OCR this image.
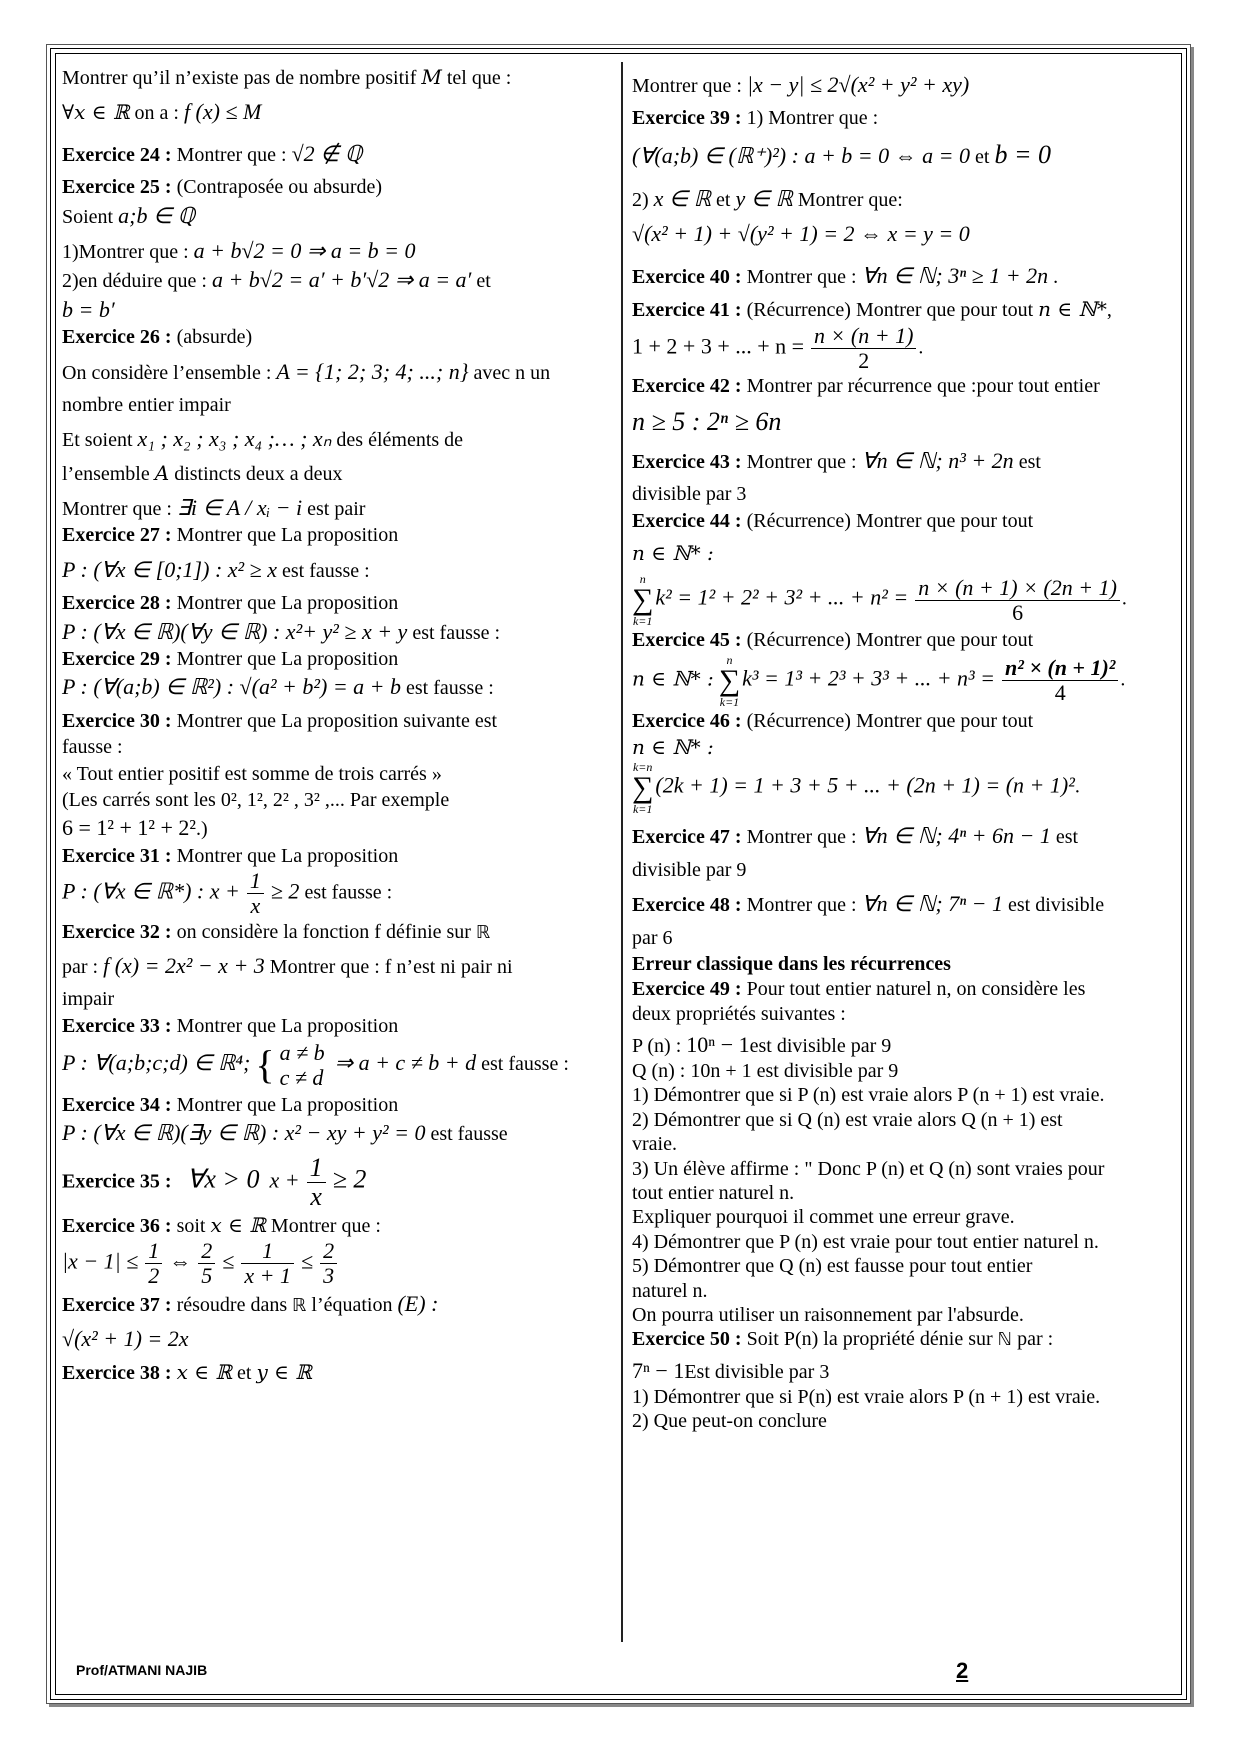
Montrer qu’il n’existe pas de nombre positif M tel que :

∀x ∈ ℝ on a : f (x) ≤ M

Exercice 24 : Montrer que : √2 ∉ ℚ

Exercice 25 : (Contraposée ou absurde)

Soient a;b ∈ ℚ

1)Montrer que : a + b√2 = 0 ⇒ a = b = 0

2)en déduire que : a + b√2 = a′ + b′√2 ⇒ a = a′ et

b = b′

Exercice 26 : (absurde)

On considère l’ensemble : A = {1; 2; 3; 4; ...; n} avec n un

nombre entier impair

Et soient x₁ ; x₂ ; x₃ ; x₄ ;… ; xₙ des éléments de

l’ensemble A distincts deux a deux

Montrer que : ∃i ∈ A / xᵢ − i est pair

Exercice 27 : Montrer que La proposition

P : (∀x ∈ [0;1]) : x² ≥ x est fausse :

Exercice 28 : Montrer que La proposition

P : (∀x ∈ ℝ)(∀y ∈ ℝ) : x²+ y² ≥ x + y est fausse :

Exercice 29 : Montrer que La proposition

P : (∀(a;b) ∈ ℝ²) : √(a² + b²) = a + b est fausse :

Exercice 30 : Montrer que La proposition suivante est

fausse :

« Tout entier positif est somme de trois carrés »

(Les carrés sont les 0², 1², 2² , 3² ,... Par exemple

6 = 1² + 1² + 2².)

Exercice 31 : Montrer que La proposition

P : (∀x ∈ ℝ*) : $x + \frac{1}{x} \ge 2$ est fausse :

Exercice 32 : on considère la fonction f définie sur ℝ

par : f (x) = 2x² − x + 3 Montrer que : f n’est ni pair ni

impair

Exercice 33 : Montrer que La proposition

P : ∀(a;b;c;d) ∈ ℝ⁴; { a ≠ b
c ≠ d
⇒ a + c ≠ b + d est fausse :

Exercice 34 : Montrer que La proposition

P : (∀x ∈ ℝ)(∃y ∈ ℝ) : x² − xy + y² = 0 est fausse

Exercice 35 : ∀x > 0 $x + \frac{1}{x} \ge 2$

Exercice 36 : soit x ∈ ℝ Montrer que :

$|x - 1| \le \frac{1}{2}$ ⇔ $\frac{2}{5} \le \frac{1}{x + 1} \le \frac{2}{3}$

Exercice 37 : résoudre dans ℝ l’équation (E) :

√(x² + 1) = 2x

Exercice 38 : x ∈ ℝ et y ∈ ℝ

Montrer que : |x − y| ≤ 2√(x² + y² + xy)

Exercice 39 : 1) Montrer que :

(∀(a;b) ∈ (ℝ⁺)²) : a + b = 0 ⇔ a = 0 et b = 0

2) x ∈ ℝ et y ∈ ℝ Montrer que:

√(x² + 1) + √(y² + 1) = 2 ⇔ x = y = 0

Exercice 40 : Montrer que : ∀n ∈ ℕ; 3ⁿ ≥ 1 + 2n .

Exercice 41 : (Récurrence) Montrer que pour tout n ∈ ℕ*,

1 + 2 + 3 + ... + $n = \frac{n \times (n + 1)}{2}$ .

Exercice 42 : Montrer par récurrence que :pour tout entier

n ≥ 5 : 2ⁿ ≥ 6n

Exercice 43 : Montrer que : ∀n ∈ ℕ; n³ + 2n est

divisible par 3

Exercice 44 : (Récurrence) Montrer que pour tout

n ∈ ℕ* :

n
∑
k=1
k² = 1² + 2² + 3² + ... + $n^2 = \frac{n \times (n + 1) \times (2n + 1)}{6}$ .

Exercice 45 : (Récurrence) Montrer que pour tout

n ∈ ℕ* :
n
∑
k=1
k³ = 1³ + 2³ + 3³ + ... + $n^3 = \frac{\text{n² × (n + 1)²}}{4}$ .

Exercice 46 : (Récurrence) Montrer que pour tout

n ∈ ℕ* :

k=n
∑
k=1
(2k + 1) = 1 + 3 + 5 + ... + (2n + 1) = (n + 1)².

Exercice 47 : Montrer que : ∀n ∈ ℕ; 4ⁿ + 6n − 1 est

divisible par 9

Exercice 48 : Montrer que : ∀n ∈ ℕ; 7ⁿ − 1 est divisible

par 6

Erreur classique dans les récurrences

Exercice 49 : Pour tout entier naturel n, on considère les

deux propriétés suivantes :

P (n) : 10ⁿ − 1est divisible par 9

Q (n) : 10n + 1 est divisible par 9

1) Démontrer que si P (n) est vraie alors P (n + 1) est vraie.

2) Démontrer que si Q (n) est vraie alors Q (n + 1) est

vraie.

3) Un élève affirme : " Donc P (n) et Q (n) sont vraies pour

tout entier naturel n.

Expliquer pourquoi il commet une erreur grave.

4) Démontrer que P (n) est vraie pour tout entier naturel n.

5) Démontrer que Q (n) est fausse pour tout entier

naturel n.

On pourra utiliser un raisonnement par l'absurde.

Exercice 50 : Soit P(n) la propriété dénie sur ℕ par :

7ⁿ − 1Est divisible par 3

1) Démontrer que si P(n) est vraie alors P (n + 1) est vraie.

2) Que peut-on conclure

Prof/ATMANI NAJIB	2
